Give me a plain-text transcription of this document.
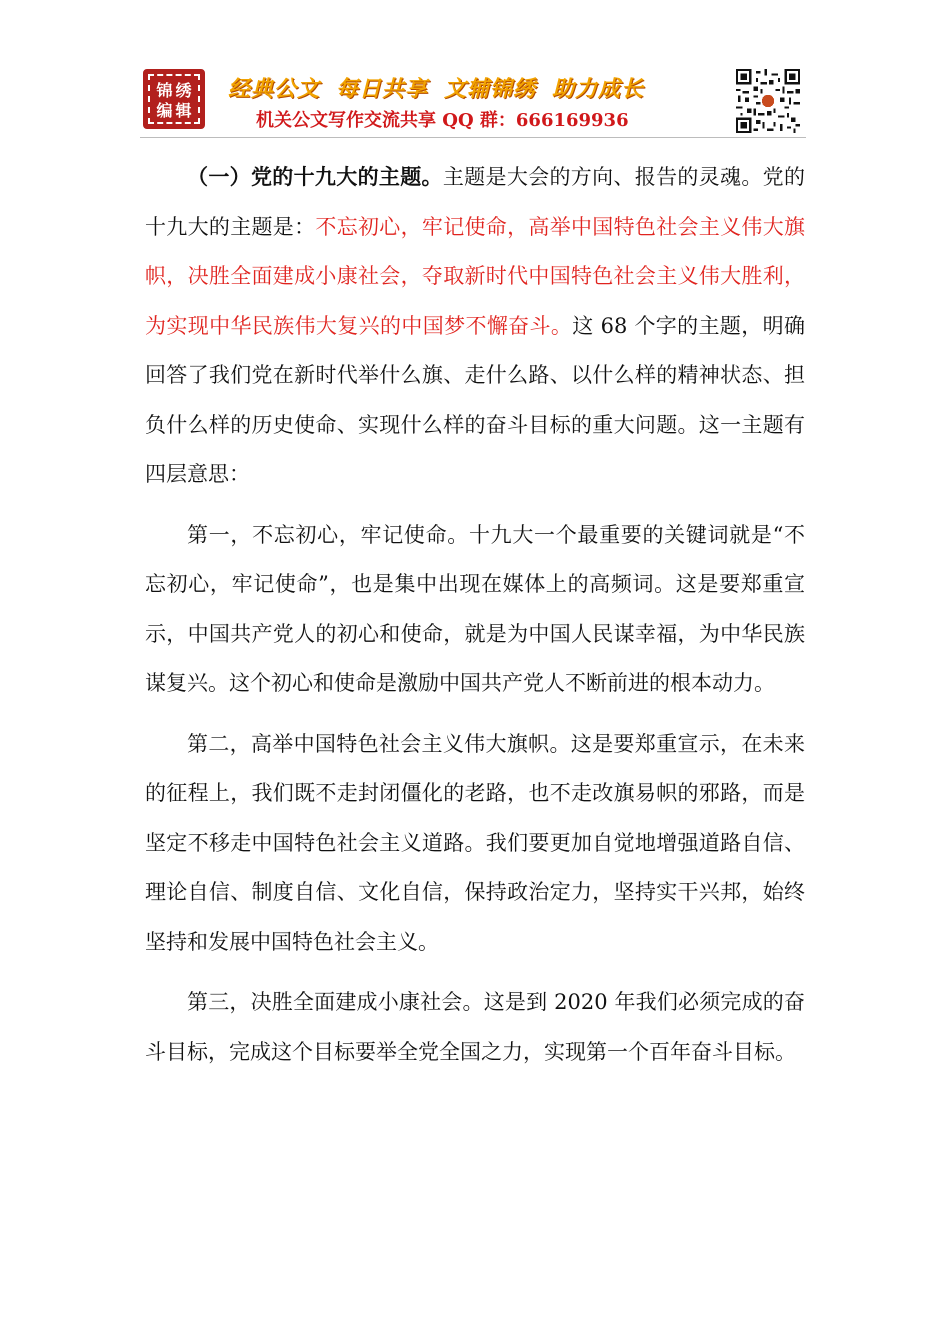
锦 绣
编 辑
经典公文 每日共享 文辅锦绣 助力成长
机关公文写作交流共享 QQ 群：666169936

（一）党的十九大的主题。主题是大会的方向、报告的灵魂。党的十九大的主题是：不忘初心，牢记使命，高举中国特色社会主义伟大旗帜，决胜全面建成小康社会，夺取新时代中国特色社会主义伟大胜利，为实现中华民族伟大复兴的中国梦不懈奋斗。这 68 个字的主题，明确回答了我们党在新时代举什么旗、走什么路、以什么样的精神状态、担负什么样的历史使命、实现什么样的奋斗目标的重大问题。这一主题有四层意思：

第一，不忘初心，牢记使命。十九大一个最重要的关键词就是“不忘初心，牢记使命”，也是集中出现在媒体上的高频词。这是要郑重宣示，中国共产党人的初心和使命，就是为中国人民谋幸福，为中华民族谋复兴。这个初心和使命是激励中国共产党人不断前进的根本动力。

第二，高举中国特色社会主义伟大旗帜。这是要郑重宣示，在未来的征程上，我们既不走封闭僵化的老路，也不走改旗易帜的邪路，而是坚定不移走中国特色社会主义道路。我们要更加自觉地增强道路自信、理论自信、制度自信、文化自信，保持政治定力，坚持实干兴邦，始终坚持和发展中国特色社会主义。

第三，决胜全面建成小康社会。这是到 2020 年我们必须完成的奋斗目标，完成这个目标要举全党全国之力，实现第一个百年奋斗目标。
